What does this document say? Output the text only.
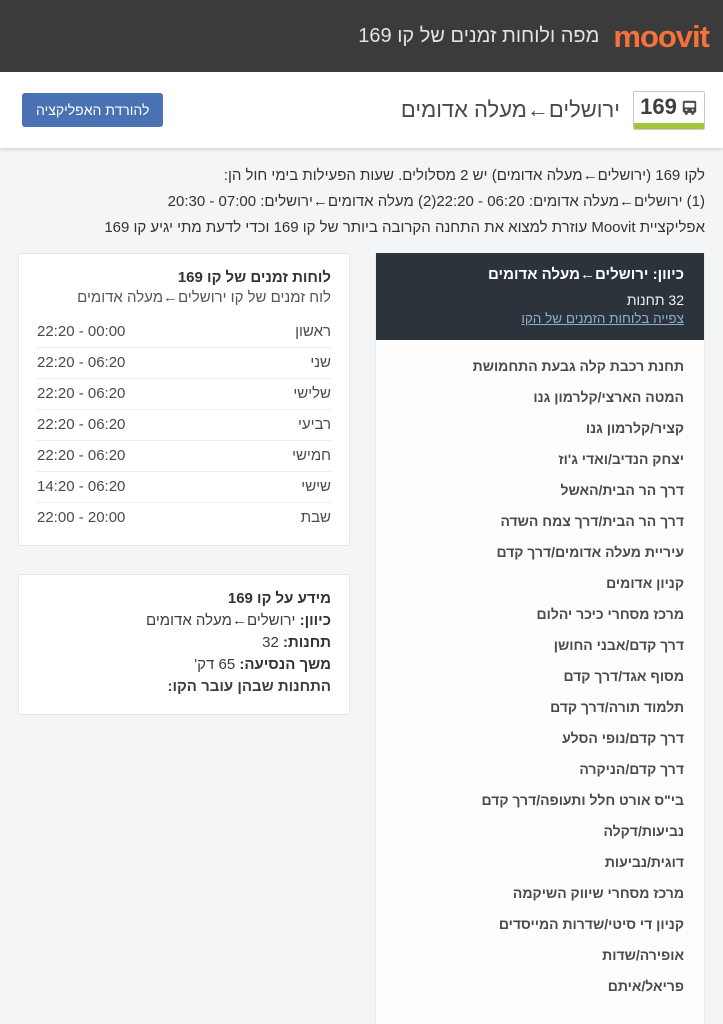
moovit
מפה ולוחות זמנים של קו 169
169
ירושלים←מעלה אדומים
להורדת האפליקציה
לקו 169 (ירושלים←מעלה אדומים) יש 2 מסלולים. שעות הפעילות בימי חול הן:
(1) ירושלים←מעלה אדומים: 06:20 - 22:20(2) מעלה אדומים←ירושלים: 07:00 - 20:30
אפליקציית Moovit עוזרת למצוא את התחנה הקרובה ביותר של קו 169 וכדי לדעת מתי יגיע קו 169
כיוון: ירושלים←מעלה אדומים
32 תחנות
צפייה בלוחות הזמנים של הקו
תחנת רכבת קלה גבעת התחמושת
המטה הארצי/קלרמון גנו
קציר/קלרמון גנו
יצחק הנדיב/ואדי ג'וז
דרך הר הבית/האשל
דרך הר הבית/דרך צמח השדה
עיריית מעלה אדומים/דרך קדם
קניון אדומים
מרכז מסחרי כיכר יהלום
דרך קדם/אבני החושן
מסוף אגד/דרך קדם
תלמוד תורה/דרך קדם
דרך קדם/נופי הסלע
דרך קדם/הניקרה
בי"ס אורט חלל ותעופה/דרך קדם
נביעות/דקלה
דוגית/נביעות
מרכז מסחרי שיווק השיקמה
קניון די סיטי/שדרות המייסדים
אופירה/שדות
פריאל/איתם
לוחות זמנים של קו 169
לוח זמנים של קו ירושלים←מעלה אדומים
ראשון
22:20 - 00:00
שני
22:20 - 06:20
שלישי
22:20 - 06:20
רביעי
22:20 - 06:20
חמישי
22:20 - 06:20
שישי
14:20 - 06:20
שבת
22:00 - 20:00
מידע על קו 169
כיוון: ירושלים←מעלה אדומים
תחנות: 32
משך הנסיעה: 65 דק'
התחנות שבהן עובר הקו:
